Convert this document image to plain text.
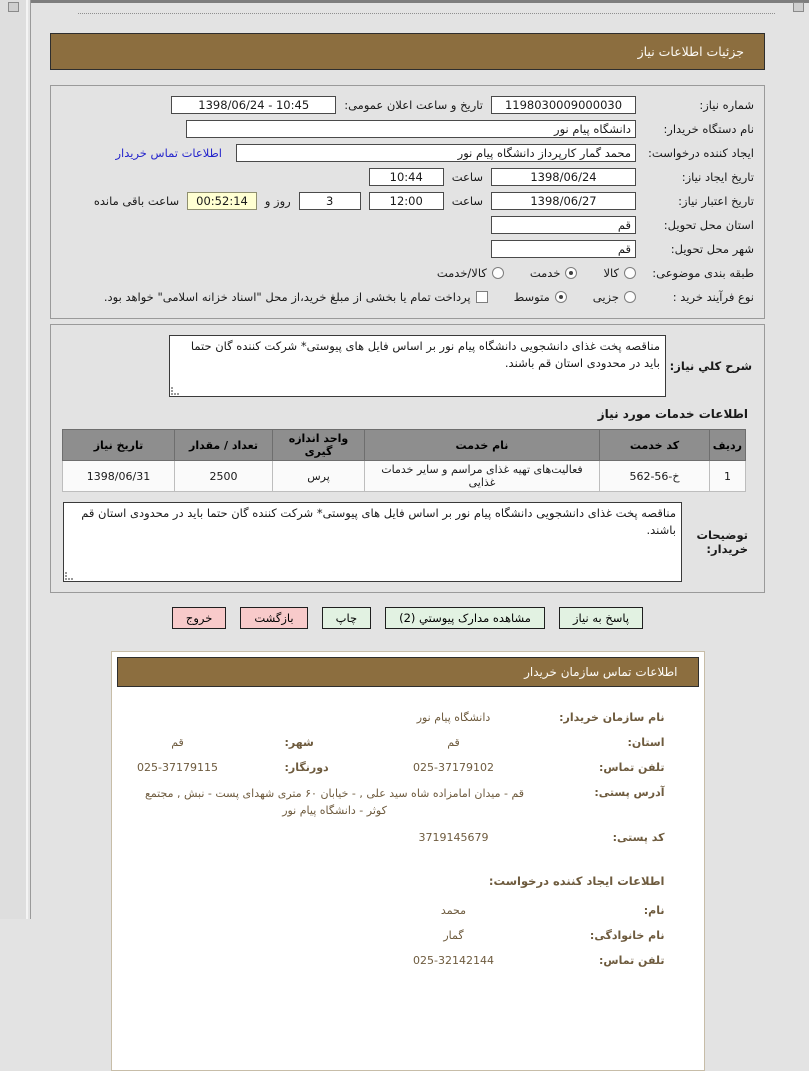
جزئیات اطلاعات نیاز
شماره نیاز:
1198030009000030
تاریخ و ساعت اعلان عمومی:
1398/06/24 - 10:45
نام دستگاه خریدار:
دانشگاه پیام نور
ایجاد کننده درخواست:
محمد گمار کارپرداز دانشگاه پیام نور
اطلاعات تماس خریدار
تاریخ ایجاد نیاز:
1398/06/24
ساعت
10:44
تاریخ اعتبار نیاز:
1398/06/27
ساعت
12:00
3
روز و
00:52:14
ساعت باقی مانده
استان محل تحویل:
قم
شهر محل تحویل:
قم
طبقه بندی موضوعی:
کالا
خدمت
کالا/خدمت
نوع فرآیند خرید :
جزیی
متوسط
پرداخت تمام یا بخشی از مبلغ خرید،از محل "اسناد خزانه اسلامی" خواهد بود.
شرح كلي نياز:
مناقصه پخت غذای دانشجویی دانشگاه پیام نور بر اساس فایل های پیوستی* شرکت کننده گان حتما باید در محدودی استان قم باشند.
اطلاعات خدمات مورد نیاز
ردیف	کد خدمت	نام خدمت	واحد اندازه گیری	تعداد / مقدار	تاریخ نیاز
1	562-56-خ	فعالیت‌های تهیه غذای مراسم و سایر خدمات غذایی	پرس	2500	1398/06/31
توضیحات خریدار:
مناقصه پخت غذای دانشجویی دانشگاه پیام نور بر اساس فایل های پیوستی* شرکت کننده گان حتما باید در محدودی استان قم باشند.
پاسخ به نیاز
مشاهده مدارک پیوستي (2)
چاپ
بازگشت
خروج
اطلاعات تماس سازمان خریدار
نام سازمان خریدار:
دانشگاه پیام نور
استان:
قم
شهر:
قم
تلفن تماس:
025-37179102
دورنگار:
025-37179115
آدرس پستی:
قم - میدان امامزاده شاه سید علی , - خیابان ۶۰ متری شهدای پست - نبش , مجتمع کوثر - دانشگاه پیام نور
کد پستی:
3719145679
اطلاعات ایجاد کننده درخواست:
نام:
محمد
نام خانوادگی:
گمار
تلفن تماس:
025-32142144
